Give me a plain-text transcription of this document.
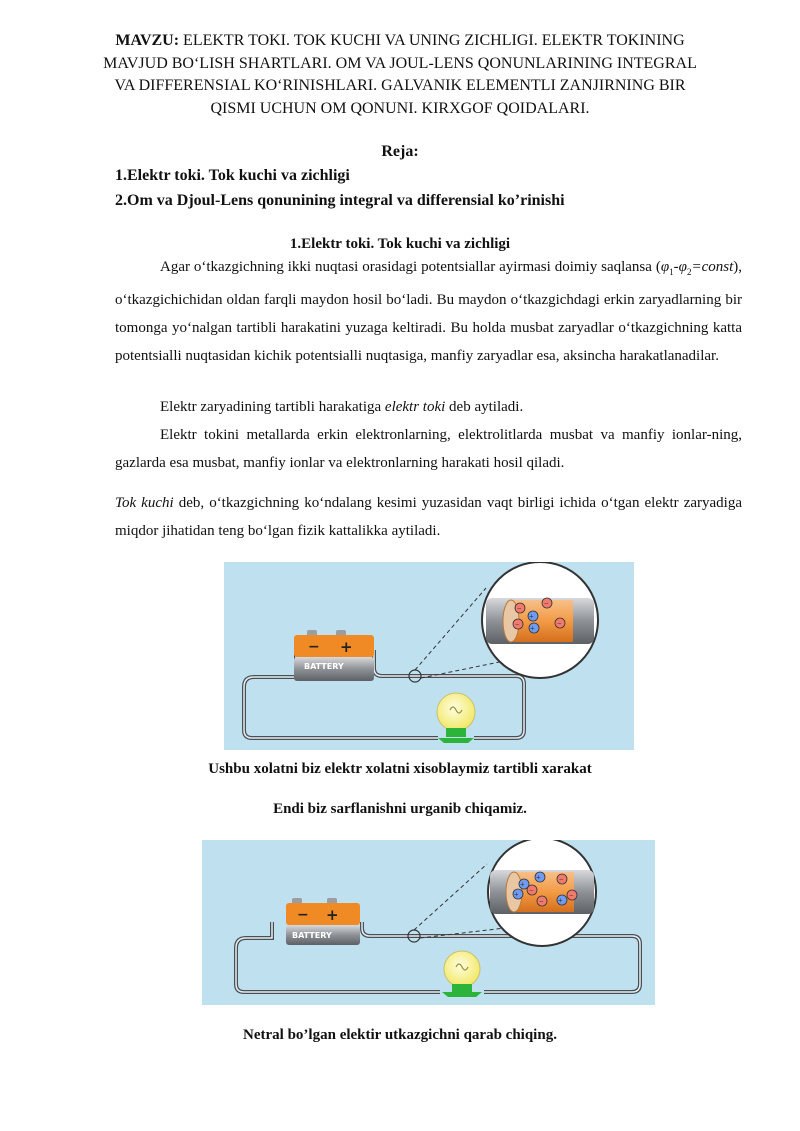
MAVZU: ELEKTR TOKI. TOK KUCHI VA UNING ZICHLIGI. ELEKTR TOKINING MAVJUD BO‘LISH SHARTLARI. OM VA JOUL-LENS QONUNLARINING INTEGRAL VA DIFFERENSIAL KO‘RINISHLARI. GALVANIK ELEMENTLI ZANJIRNING BIR QISMI UCHUN OM QONUNI. KIRXGOF QOIDALARI.
Reja:
1.Elektr toki. Tok kuchi va zichligi
2.Om va Djoul-Lens qonunining integral va differensial ko’rinishi
1.Elektr toki. Tok kuchi va zichligi
Agar o‘tkazgichning ikki nuqtasi orasidagi potentsiallar ayirmasi doimiy saqlansa $(\varphi_1-\varphi_2=const)$, o‘tkazgichichidan oldan farqli maydon hosil bo‘ladi. Bu maydon o‘tkazgichdagi erkin zaryadlarning bir tomonga yo‘nalgan tartibli harakatini yuzaga keltiradi. Bu holda musbat zaryadlar o‘tkazgichning katta potentsialli nuqtasidan kichik potentsialli nuqtasiga, manfiy zaryadlar esa, aksincha harakatlanadilar.
Elektr zaryadining tartibli harakatiga elektr toki deb aytiladi.
Elektr tokini metallarda erkin elektronlarning, elektrolitlarda musbat va manfiy ionlar-ning, gazlarda esa musbat, manfiy ionlar va elektronlarning harakati hosil qiladi.
Tok kuchi deb, o‘tkazgichning ko‘ndalang kesimi yuzasidan vaqt birligi ichida o‘tgan elektr zaryadiga miqdor jihatidan teng bo‘lgan fizik kattalikka aytiladi.
− +
BATTERY
−
−
+
−	−
+
Ushbu xolatni biz elektr xolatni xisoblaymiz tartibli xarakat
Endi biz sarflanishni urganib chiqamiz.
− +
BATTERY
+
+ −
+ −
− +
−
Netral bo’lgan elektir utkazgichni qarab chiqing.
